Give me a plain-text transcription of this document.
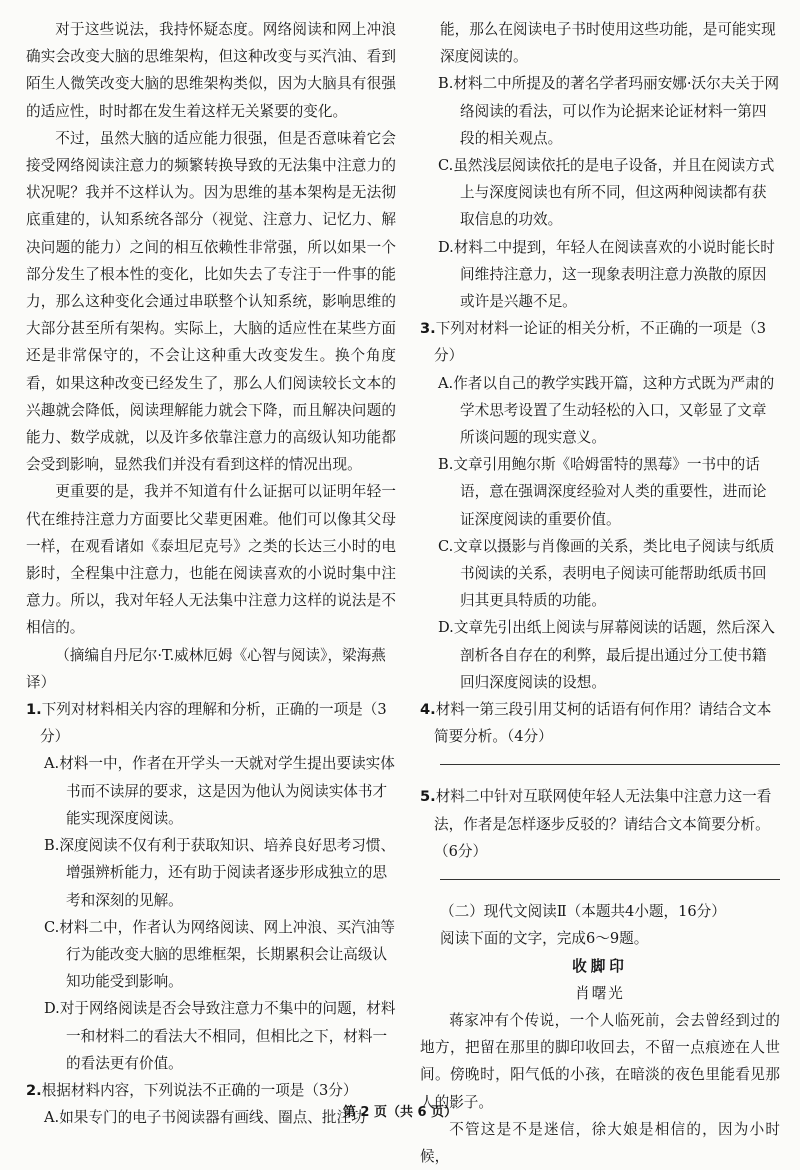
对于这些说法，我持怀疑态度。网络阅读和网上冲浪确实会改变大脑的思维架构，但这种改变与买汽油、看到陌生人微笑改变大脑的思维架构类似，因为大脑具有很强的适应性，时时都在发生着这样无关紧要的变化。

不过，虽然大脑的适应能力很强，但是否意味着它会接受网络阅读注意力的频繁转换导致的无法集中注意力的状况呢？我并不这样认为。因为思维的基本架构是无法彻底重建的，认知系统各部分（视觉、注意力、记忆力、解决问题的能力）之间的相互依赖性非常强，所以如果一个部分发生了根本性的变化，比如失去了专注于一件事的能力，那么这种变化会通过串联整个认知系统，影响思维的大部分甚至所有架构。实际上，大脑的适应性在某些方面还是非常保守的，不会让这种重大改变发生。换个角度看，如果这种改变已经发生了，那么人们阅读较长文本的兴趣就会降低，阅读理解能力就会下降，而且解决问题的能力、数学成就，以及许多依靠注意力的高级认知功能都会受到影响，显然我们并没有看到这样的情况出现。

更重要的是，我并不知道有什么证据可以证明年轻一代在维持注意力方面要比父辈更困难。他们可以像其父母一样，在观看诸如《泰坦尼克号》之类的长达三小时的电影时，全程集中注意力，也能在阅读喜欢的小说时集中注意力。所以，我对年轻人无法集中注意力这样的说法是不相信的。

（摘编自丹尼尔·T.威林厄姆《心智与阅读》，梁海燕译）

1.下列对材料相关内容的理解和分析，正确的一项是（3分）

A.材料一中，作者在开学头一天就对学生提出要读实体书而不读屏的要求，这是因为他认为阅读实体书才能实现深度阅读。

B.深度阅读不仅有利于获取知识、培养良好思考习惯、增强辨析能力，还有助于阅读者逐步形成独立的思考和深刻的见解。

C.材料二中，作者认为网络阅读、网上冲浪、买汽油等行为能改变大脑的思维框架，长期累积会让高级认知功能受到影响。

D.对于网络阅读是否会导致注意力不集中的问题，材料一和材料二的看法大不相同，但相比之下，材料一的看法更有价值。

2.根据材料内容，下列说法不正确的一项是（3分）

A.如果专门的电子书阅读器有画线、圈点、批注功

能，那么在阅读电子书时使用这些功能，是可能实现深度阅读的。

B.材料二中所提及的著名学者玛丽安娜·沃尔夫关于网络阅读的看法，可以作为论据来论证材料一第四段的相关观点。

C.虽然浅层阅读依托的是电子设备，并且在阅读方式上与深度阅读也有所不同，但这两种阅读都有获取信息的功效。

D.材料二中提到，年轻人在阅读喜欢的小说时能长时间维持注意力，这一现象表明注意力涣散的原因或许是兴趣不足。

3.下列对材料一论证的相关分析，不正确的一项是（3分）

A.作者以自己的教学实践开篇，这种方式既为严肃的学术思考设置了生动轻松的入口，又彰显了文章所谈问题的现实意义。

B.文章引用鲍尔斯《哈姆雷特的黑莓》一书中的话语，意在强调深度经验对人类的重要性，进而论证深度阅读的重要价值。

C.文章以摄影与肖像画的关系，类比电子阅读与纸质书阅读的关系，表明电子阅读可能帮助纸质书回归其更具特质的功能。

D.文章先引出纸上阅读与屏幕阅读的话题，然后深入剖析各自存在的利弊，最后提出通过分工使书籍回归深度阅读的设想。

4.材料一第三段引用艾柯的话语有何作用？请结合文本简要分析。（4分）

5.材料二中针对互联网使年轻人无法集中注意力这一看法，作者是怎样逐步反驳的？请结合文本简要分析。（6分）

（二）现代文阅读Ⅱ（本题共4小题，16分）

阅读下面的文字，完成6～9题。

收脚印

肖曙光

蒋家冲有个传说，一个人临死前，会去曾经到过的地方，把留在那里的脚印收回去，不留一点痕迹在人世间。傍晚时，阳气低的小孩，在暗淡的夜色里能看见那人的影子。

不管这是不是迷信，徐大娘是相信的，因为小时候，

第 2 页（共 6 页）
